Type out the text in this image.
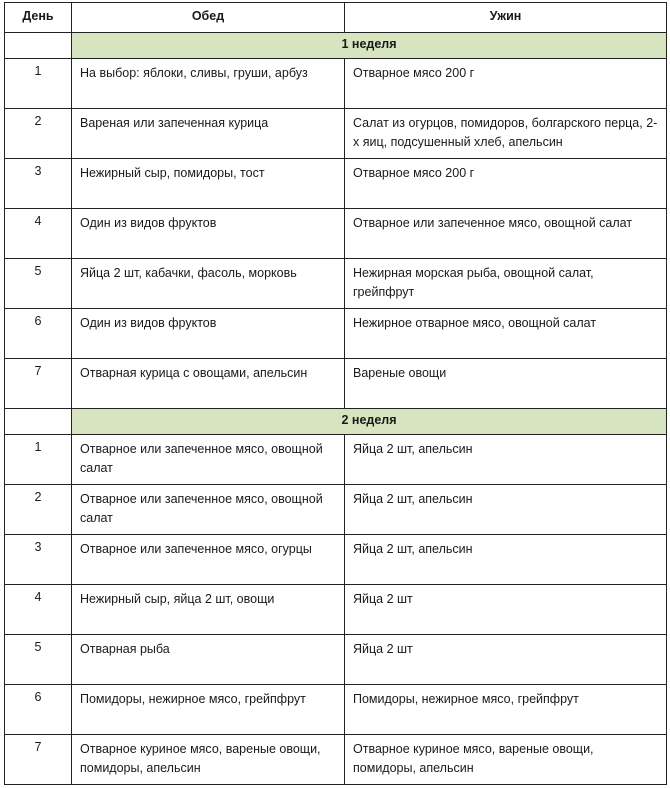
День	Обед	Ужин
	1 неделя	
1	На выбор: яблоки, сливы, груши, арбуз	Отварное мясо 200 г
2	Вареная или запеченная курица	Салат из огурцов, помидоров, болгарского перца, 2-х яиц, подсушенный хлеб, апельсин
3	Нежирный сыр, помидоры, тост	Отварное мясо 200 г
4	Один из видов фруктов	Отварное или запеченное мясо, овощной салат
5	Яйца 2 шт, кабачки, фасоль, морковь	Нежирная морская рыба, овощной салат, грейпфрут
6	Один из видов фруктов	Нежирное отварное мясо, овощной салат
7	Отварная курица с овощами, апельсин	Вареные овощи
	2 неделя	
1	Отварное или запеченное мясо, овощной салат	Яйца 2 шт, апельсин
2	Отварное или запеченное мясо, овощной салат	Яйца 2 шт, апельсин
3	Отварное или запеченное мясо, огурцы	Яйца 2 шт, апельсин
4	Нежирный сыр, яйца 2 шт, овощи	Яйца 2 шт
5	Отварная рыба	Яйца 2 шт
6	Помидоры, нежирное мясо, грейпфрут	Помидоры, нежирное мясо, грейпфрут
7	Отварное куриное мясо, вареные овощи, помидоры, апельсин	Отварное куриное мясо, вареные овощи, помидоры, апельсин
